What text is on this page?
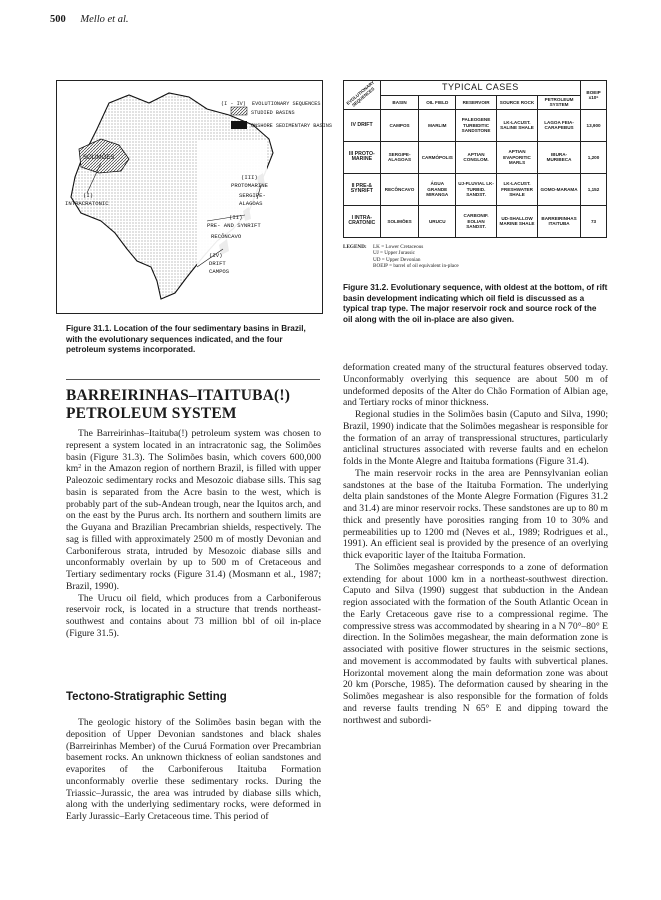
500 Mello et al.
(I - IV) EVOLUTIONARY SEQUENCES
STUDIED BASINS
ONSHORE SEDIMENTARY BASINS
SOLIMÕES
(I)
INTRACRATONIC
(III)
PROTOMARINE
SERGIPE-
ALAGOAS
(II)
PRE- AND SYNRIFT
RECÔNCAVO
(IV)
DRIFT
CAMPOS
Figure 31.1. Location of the four sedimentary basins in Brazil, with the evolutionary sequences indicated, and the four petroleum systems incorporated.
EVOLUTIONARY SEQUENCES	TYPICAL CASES					BOEIP x10⁶
	BASIN	OIL FIELD	RESERVOIR	SOURCE ROCK	PETROLEUM SYSTEM	
IV DRIFT	CAMPOS	MARLIM	PALEOGENE TURBIDITIC SANDSTONE	LK-LACUST. SALINE SHALE	LAGOA FEIA-CARAPEBUS	13,900
III PROTO-MARINE	SERGIPE-ALAGOAS	CARMÓPOLIS	APTIAN CONGLOM.	APTIAN EVAPORITIC MARLS	IBURA-MURIBECA	1,200
II PRE-& SYNRIFT	RECÔNCAVO	ÁGUA GRANDE MIRANGA	UJ-FLUVIAL LK-TURBID. SANDST.	LK-LACUST. FRESHWATER SHALE	GOMO-MARAMA	1,152
I INTRA-CRATONIC	SOLIMÕES	URUCU	CARBONIF. EOLIAN SANDST.	UD-SHALLOW MARINE SHALE	BARREIRINHAS ITAITUBA	73
LEGEND: LK = Lower Cretaceous
UJ = Upper Jurassic
UD = Upper Devonian
BOEIP = barrel of oil equivalent in-place
Figure 31.2. Evolutionary sequence, with oldest at the bottom, of rift basin development indicating which oil field is discussed as a typical trap type. The major reservoir rock and source rock of the oil along with the oil in-place are also given.
BARREIRINHAS–ITAITUBA(!) PETROLEUM SYSTEM

The Barreirinhas–Itaituba(!) petroleum system was chosen to represent a system located in an intracratonic sag, the Solimões basin (Figure 31.3). The Solimões basin, which covers 600,000 $km^2$ in the Amazon region of northern Brazil, is filled with upper Paleozoic sedimentary rocks and Mesozoic diabase sills. This sag basin is separated from the Acre basin to the west, which is probably part of the sub-Andean trough, near the Iquitos arch, and on the east by the Purus arch. Its northern and southern limits are the Guyana and Brazilian Precambrian shields, respectively. The sag is filled with approximately 2500 m of mostly Devonian and Carboniferous strata, intruded by Mesozoic diabase sills and unconformably overlain by up to 500 m of Cretaceous and Tertiary sedimentary rocks (Figure 31.4) (Mosmann et al., 1987; Brazil, 1990).

The Urucu oil field, which produces from a Carboniferous reservoir rock, is located in a structure that trends northeast-southwest and contains about 73 million bbl of oil in-place (Figure 31.5).

Tectono-Stratigraphic Setting

The geologic history of the Solimões basin began with the deposition of Upper Devonian sandstones and black shales (Barreirinhas Member) of the Curuá Formation over Precambrian basement rocks. An unknown thickness of eolian sandstones and evaporites of the Carboniferous Itaituba Formation unconformably overlie these sedimentary rocks. During the Triassic–Jurassic, the area was intruded by diabase sills which, along with the underlying sedimentary rocks, were deformed in Early Jurassic–Early Cretaceous time. This period of

deformation created many of the structural features observed today. Unconformably overlying this sequence are about 500 m of undeformed deposits of the Alter do Chão Formation of Albian age, and Tertiary rocks of minor thickness.

Regional studies in the Solimões basin (Caputo and Silva, 1990; Brazil, 1990) indicate that the Solimões megashear is responsible for the formation of an array of transpressional structures, particularly anticlinal structures associated with reverse faults and en echelon folds in the Monte Alegre and Itaituba formations (Figure 31.4).

The main reservoir rocks in the area are Pennsylvanian eolian sandstones at the base of the Itaituba Formation. The underlying delta plain sandstones of the Monte Alegre Formation (Figures 31.2 and 31.4) are minor reservoir rocks. These sandstones are up to 80 m thick and presently have porosities ranging from 10 to 30% and permeabilities up to 1200 md (Neves et al., 1989; Rodrigues et al., 1991). An efficient seal is provided by the presence of an overlying thick evaporitic layer of the Itaituba Formation.

The Solimões megashear corresponds to a zone of deformation extending for about 1000 km in a northeast-southwest direction. Caputo and Silva (1990) suggest that subduction in the Andean region associated with the formation of the South Atlantic Ocean in the Early Cretaceous gave rise to a compressional regime. The compressive stress was accommodated by shearing in a N 70°–80° E direction. In the Solimões megashear, the main deformation zone is associated with positive flower structures in the seismic sections, and movement is accommodated by faults with subvertical planes. Horizontal movement along the main deformation zone was about 20 km (Porsche, 1985). The deformation caused by shearing in the Solimões megashear is also responsible for the formation of folds and reverse faults trending N 65° E and dipping toward the northwest and subordi-
